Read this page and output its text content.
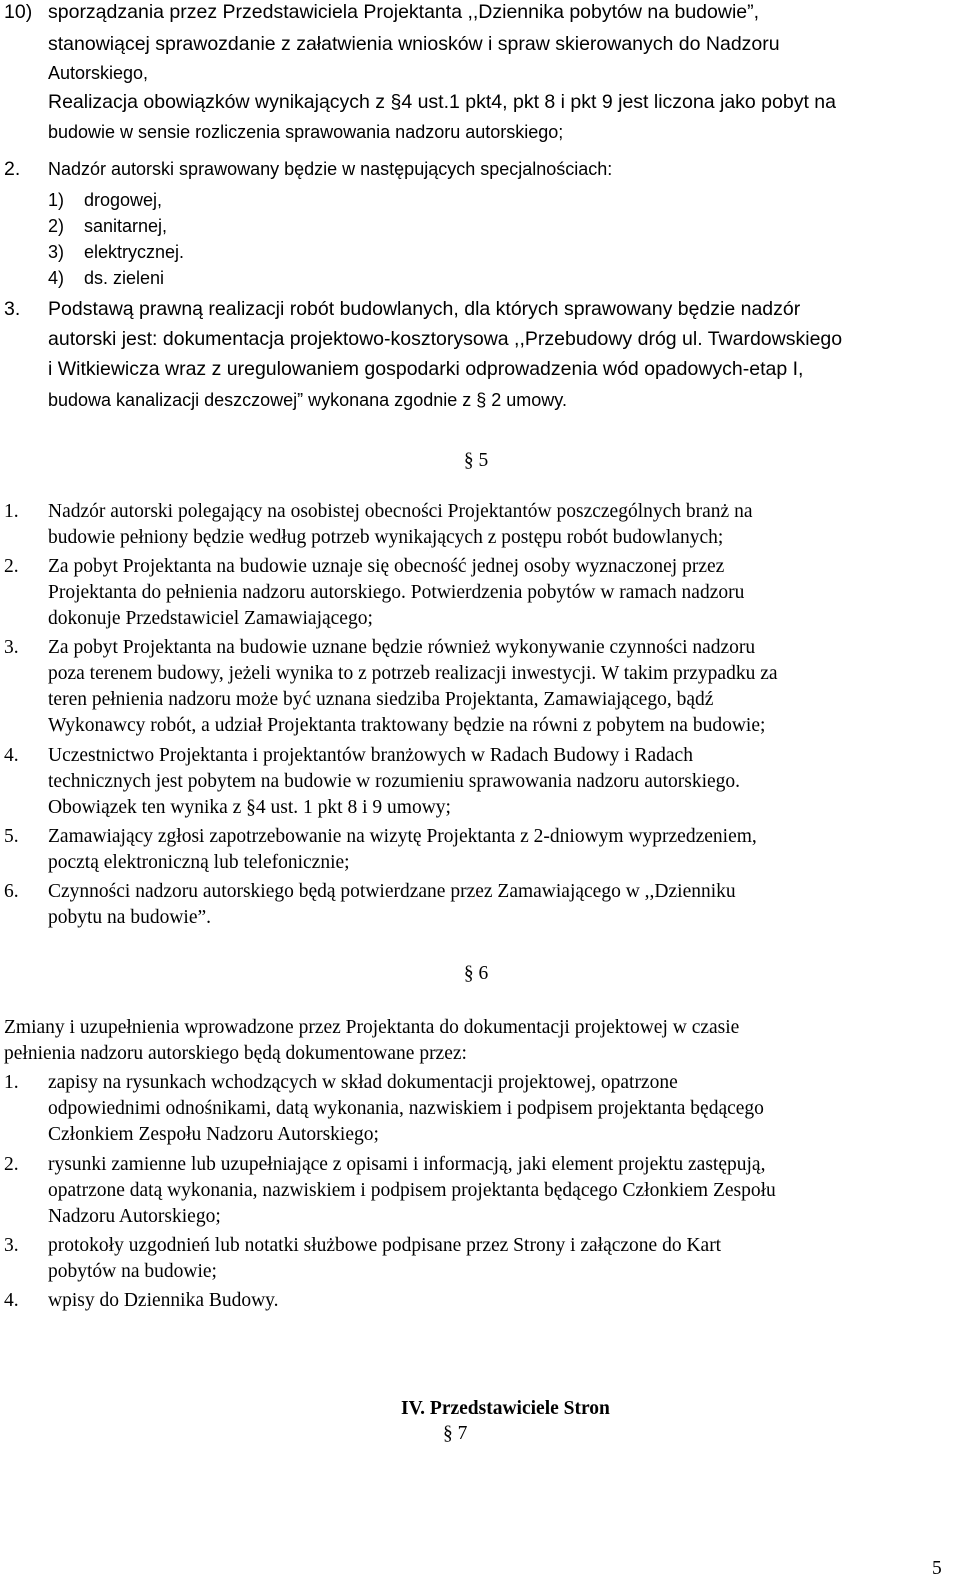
10) sporządzania przez Przedstawiciela Projektanta ,,Dziennika pobytów na budowie”,
stanowiącej sprawozdanie z załatwienia wniosków i spraw skierowanych do Nadzoru
Autorskiego,
Realizacja obowiązków wynikających z §4 ust.1 pkt4, pkt 8 i pkt 9 jest liczona jako pobyt na
budowie w sensie rozliczenia sprawowania nadzoru autorskiego;
2. Nadzór autorski sprawowany będzie w następujących specjalnościach:
1) drogowej,
2) sanitarnej,
3) elektrycznej.
4) ds. zieleni
3. Podstawą prawną realizacji robót budowlanych, dla których sprawowany będzie nadzór
autorski jest: dokumentacja projektowo-kosztorysowa ,,Przebudowy dróg ul. Twardowskiego
i Witkiewicza wraz z uregulowaniem gospodarki odprowadzenia wód opadowych-etap I,
budowa kanalizacji deszczowej” wykonana zgodnie z § 2 umowy.
§ 5
1. Nadzór autorski polegający na osobistej obecności Projektantów poszczególnych branż na
budowie pełniony będzie według potrzeb wynikających z postępu robót budowlanych;
2. Za pobyt Projektanta na budowie uznaje się obecność jednej osoby wyznaczonej przez
Projektanta do pełnienia nadzoru autorskiego. Potwierdzenia pobytów w ramach nadzoru
dokonuje Przedstawiciel Zamawiającego;
3. Za pobyt Projektanta na budowie uznane będzie również wykonywanie czynności nadzoru
poza terenem budowy, jeżeli wynika to z potrzeb realizacji inwestycji. W takim przypadku za
teren pełnienia nadzoru może być uznana siedziba Projektanta, Zamawiającego, bądź
Wykonawcy robót, a udział Projektanta traktowany będzie na równi z pobytem na budowie;
4. Uczestnictwo Projektanta i projektantów branżowych w Radach Budowy i Radach
technicznych jest pobytem na budowie w rozumieniu sprawowania nadzoru autorskiego.
Obowiązek ten wynika z §4 ust. 1 pkt 8 i 9 umowy;
5. Zamawiający zgłosi zapotrzebowanie na wizytę Projektanta z 2-dniowym wyprzedzeniem,
pocztą elektroniczną lub telefonicznie;
6. Czynności nadzoru autorskiego będą potwierdzane przez Zamawiającego w ,,Dzienniku
pobytu na budowie”.
§ 6
Zmiany i uzupełnienia wprowadzone przez Projektanta do dokumentacji projektowej w czasie
pełnienia nadzoru autorskiego będą dokumentowane przez:
1. zapisy na rysunkach wchodzących w skład dokumentacji projektowej, opatrzone
odpowiednimi odnośnikami, datą wykonania, nazwiskiem i podpisem projektanta będącego
Członkiem Zespołu Nadzoru Autorskiego;
2. rysunki zamienne lub uzupełniające z opisami i informacją, jaki element projektu zastępują,
opatrzone datą wykonania, nazwiskiem i podpisem projektanta będącego Członkiem Zespołu
Nadzoru Autorskiego;
3. protokoły uzgodnień lub notatki służbowe podpisane przez Strony i załączone do Kart
pobytów na budowie;
4. wpisy do Dziennika Budowy.
IV. Przedstawiciele Stron
§ 7
5
